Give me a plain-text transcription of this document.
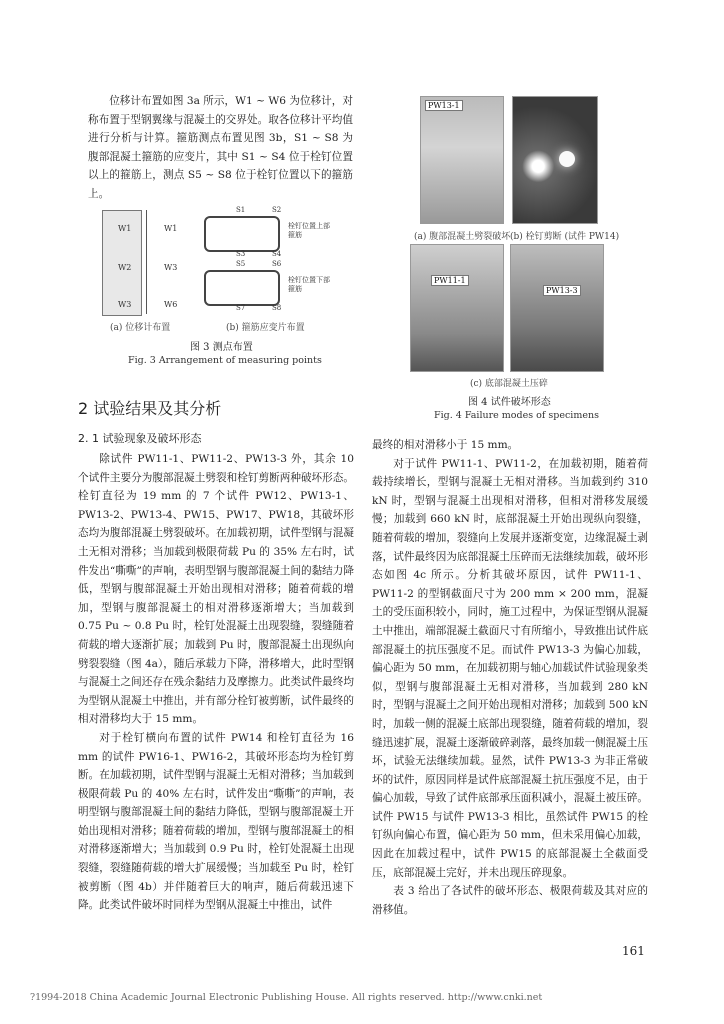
位移计布置如图 3a 所示，W1 ~ W6 为位移计，对称布置于型钢翼缘与混凝土的交界处。取各位移计平均值进行分析与计算。箍筋测点布置见图 3b，S1 ~ S8 为腹部混凝土箍筋的应变片，其中 S1 ~ S4 位于栓钉位置以上的箍筋上，测点 S5 ~ S8 位于栓钉位置以下的箍筋上。

W1	W1
W2	W3
W3	W6
S1	S2
S3	S4
S5	S6
S7	S8
栓钉位置上部箍筋
栓钉位置下部箍筋
(a) 位移计布置	(b) 箍筋应变片布置
图 3 测点布置
Fig. 3 Arrangement of measuring points
PW13-1
(a) 腹部混凝土劈裂破坏 (b) 栓钉剪断 (试件 PW14)
PW11-1
PW13-3
(c) 底部混凝土压碎
图 4 试件破坏形态
Fig. 4 Failure modes of specimens
2 试验结果及其分析
2. 1 试验现象及破坏形态

除试件 PW11-1、PW11-2、PW13-3 外，其余 10 个试件主要分为腹部混凝土劈裂和栓钉剪断两种破坏形态。栓钉直径为 19 mm 的 7 个试件 PW12、PW13-1、PW13-2、PW13-4、PW15、PW17、PW18，其破坏形态均为腹部混凝土劈裂破坏。在加载初期，试件型钢与混凝土无相对滑移；当加载到极限荷载 Pu 的 35% 左右时，试件发出“嘶嘶”的声响，表明型钢与腹部混凝土间的黏结力降低，型钢与腹部混凝土开始出现相对滑移；随着荷载的增加，型钢与腹部混凝土的相对滑移逐渐增大；当加载到 0.75 Pu ~ 0.8 Pu 时，栓钉处混凝土出现裂缝，裂缝随着荷载的增大逐渐扩展；加载到 Pu 时，腹部混凝土出现纵向劈裂裂缝（图 4a），随后承载力下降，滑移增大，此时型钢与混凝土之间还存在残余黏结力及摩擦力。此类试件最终均为型钢从混凝土中推出，并有部分栓钉被剪断，试件最终的相对滑移均大于 15 mm。

对于栓钉横向布置的试件 PW14 和栓钉直径为 16 mm 的试件 PW16-1、PW16-2，其破坏形态均为栓钉剪断。在加载初期，试件型钢与混凝土无相对滑移；当加载到极限荷载 Pu 的 40% 左右时，试件发出“嘶嘶”的声响，表明型钢与腹部混凝土间的黏结力降低，型钢与腹部混凝土开始出现相对滑移；随着荷载的增加，型钢与腹部混凝土的相对滑移逐渐增大；当加载到 0.9 Pu 时，栓钉处混凝土出现裂缝，裂缝随荷载的增大扩展缓慢；当加载至 Pu 时，栓钉被剪断（图 4b）并伴随着巨大的响声，随后荷载迅速下降。此类试件破坏时同样为型钢从混凝土中推出，试件

最终的相对滑移小于 15 mm。

对于试件 PW11-1、PW11-2，在加载初期，随着荷载持续增长，型钢与混凝土无相对滑移。当加载到约 310 kN 时，型钢与混凝土出现相对滑移，但相对滑移发展缓慢；加载到 660 kN 时，底部混凝土开始出现纵向裂缝，随着荷载的增加，裂缝向上发展并逐渐变宽，边缘混凝土剥落，试件最终因为底部混凝土压碎而无法继续加载，破坏形态如图 4c 所示。分析其破坏原因，试件 PW11-1、PW11-2 的型钢截面尺寸为 200 mm × 200 mm，混凝土的受压面积较小，同时，施工过程中，为保证型钢从混凝土中推出，端部混凝土截面尺寸有所缩小，导致推出试件底部混凝土的抗压强度不足。而试件 PW13-3 为偏心加载，偏心距为 50 mm，在加载初期与轴心加载试件试验现象类似，型钢与腹部混凝土无相对滑移，当加载到 280 kN 时，型钢与混凝土之间开始出现相对滑移；加载到 500 kN 时，加载一侧的混凝土底部出现裂缝，随着荷载的增加，裂缝迅速扩展，混凝土逐渐破碎剥落，最终加载一侧混凝土压坏，试验无法继续加载。显然，试件 PW13-3 为非正常破坏的试件，原因同样是试件底部混凝土抗压强度不足，由于偏心加载，导致了试件底部承压面积减小，混凝土被压碎。试件 PW15 与试件 PW13-3 相比，虽然试件 PW15 的栓钉纵向偏心布置，偏心距为 50 mm，但未采用偏心加载，因此在加载过程中，试件 PW15 的底部混凝土全截面受压，底部混凝土完好，并未出现压碎现象。

表 3 给出了各试件的破坏形态、极限荷载及其对应的滑移值。

161
?1994-2018 China Academic Journal Electronic Publishing House. All rights reserved. http://www.cnki.net
